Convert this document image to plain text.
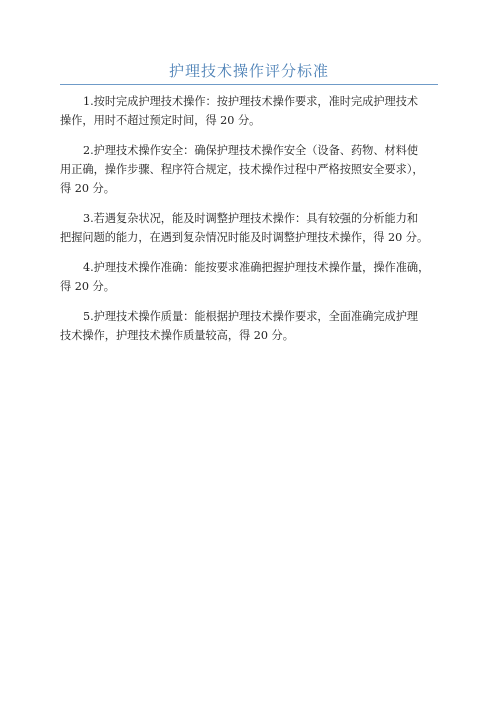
护理技术操作评分标准

1.按时完成护理技术操作：按护理技术操作要求，准时完成护理技术
操作，用时不超过预定时间，得 20 分。

2.护理技术操作安全：确保护理技术操作安全（设备、药物、材料使
用正确，操作步骤、程序符合规定，技术操作过程中严格按照安全要求），
得 20 分。

3.若遇复杂状况，能及时调整护理技术操作：具有较强的分析能力和
把握问题的能力，在遇到复杂情况时能及时调整护理技术操作，得 20 分。

4.护理技术操作准确：能按要求准确把握护理技术操作量，操作准确，
得 20 分。

5.护理技术操作质量：能根据护理技术操作要求，全面准确完成护理
技术操作，护理技术操作质量较高，得 20 分。
